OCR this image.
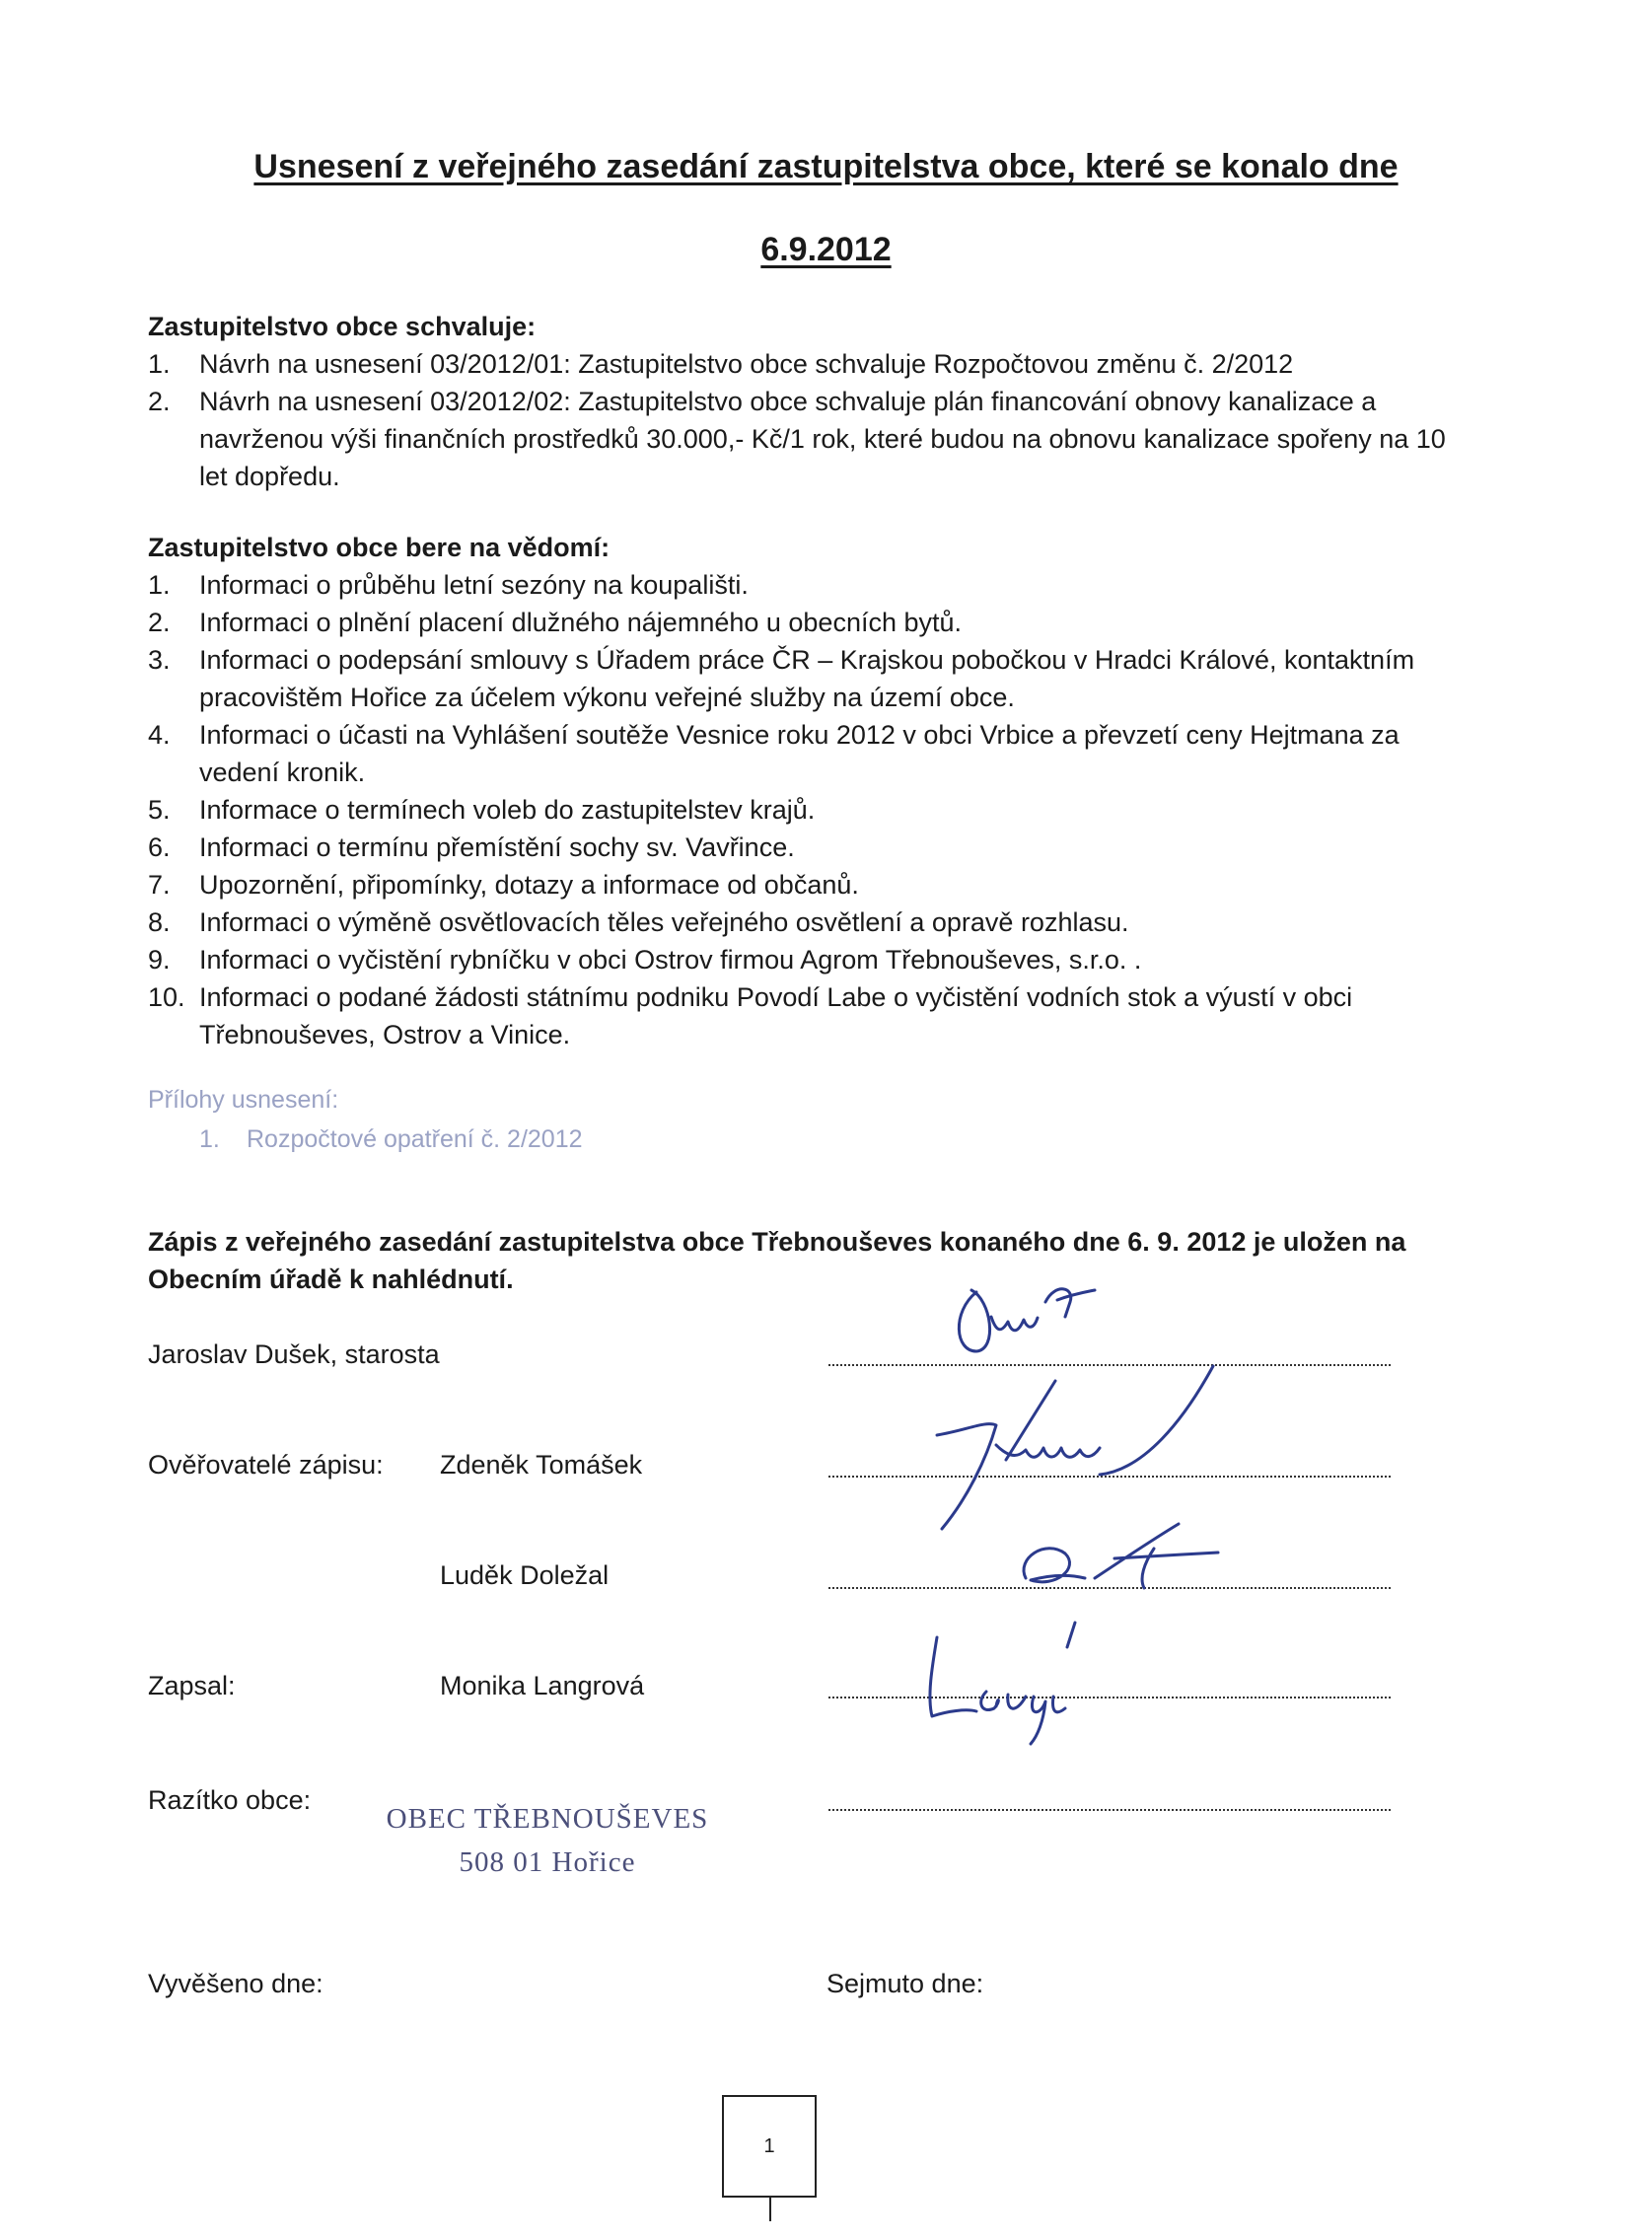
Usnesení z veřejného zasedání zastupitelstva obce, které se konalo dne
6.9.2012
Zastupitelstvo obce schvaluje:
1.	Návrh na usnesení 03/2012/01: Zastupitelstvo obce schvaluje Rozpočtovou změnu č. 2/2012
2.	Návrh na usnesení 03/2012/02: Zastupitelstvo obce schvaluje plán financování obnovy kanalizace a navrženou výši finančních prostředků 30.000,- Kč/1 rok, které budou na obnovu kanalizace spořeny na 10 let dopředu.
Zastupitelstvo obce bere na vědomí:
1.	Informaci o průběhu letní sezóny na koupališti.
2.	Informaci o plnění placení dlužného nájemného u obecních bytů.
3.	Informaci o podepsání smlouvy s Úřadem práce ČR – Krajskou pobočkou v Hradci Králové, kontaktním pracovištěm Hořice za účelem výkonu veřejné služby na území obce.
4.	Informaci o účasti na Vyhlášení soutěže Vesnice roku 2012 v obci Vrbice a převzetí ceny Hejtmana za vedení kronik.
5.	Informace o termínech voleb do zastupitelstev krajů.
6.	Informaci o termínu přemístění sochy sv. Vavřince.
7.	Upozornění, připomínky, dotazy a informace od občanů.
8.	Informaci o výměně osvětlovacích těles veřejného osvětlení a opravě rozhlasu.
9.	Informaci o vyčistění rybníčku v obci Ostrov firmou Agrom Třebnouševes, s.r.o. .
10. Informaci o podané žádosti státnímu podniku Povodí Labe o vyčistění vodních stok a výustí v obci Třebnouševes, Ostrov a Vinice.
Přílohy usnesení:
1. Rozpočtové opatření č. 2/2012
Zápis z veřejného zasedání zastupitelstva obce Třebnouševes konaného dne 6. 9. 2012 je uložen na Obecním úřadě k nahlédnutí.
Jaroslav Dušek, starosta
Ověřovatelé zápisu: Zdeněk Tomášek
Luděk Doležal
Zapsal:	Monika Langrová
Razítko obce:
OBEC TŘEBNOUŠEVES
508 01 Hořice
Vyvěšeno dne:	Sejmuto dne:
1
